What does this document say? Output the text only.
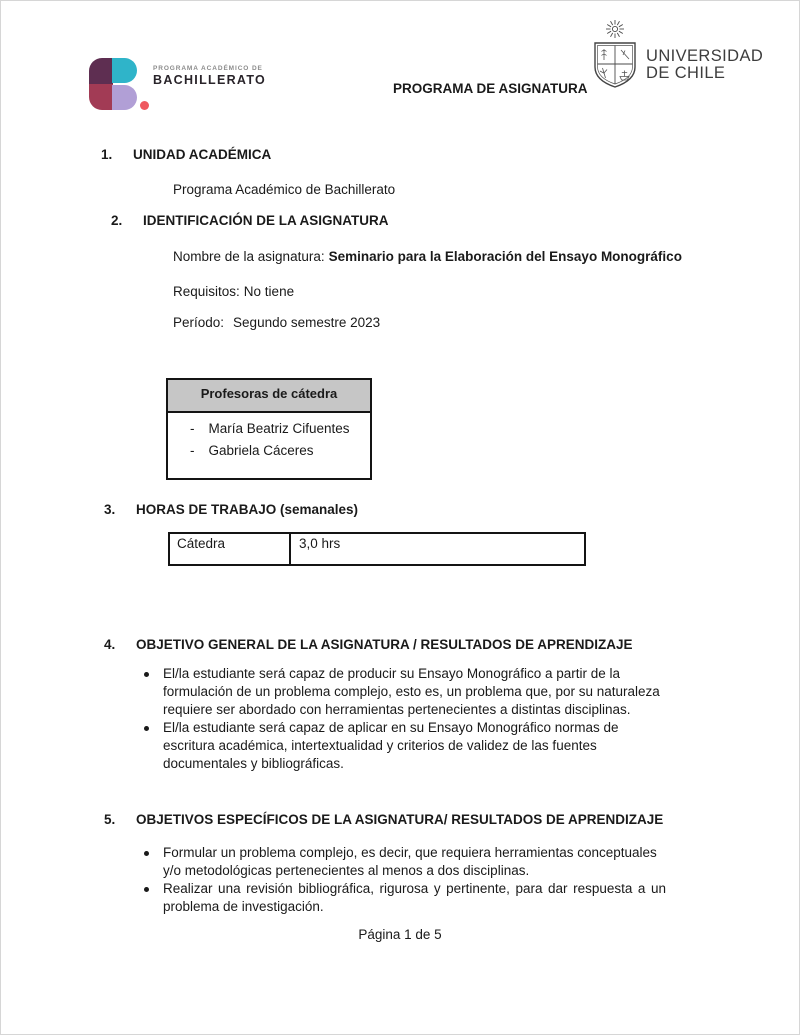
PROGRAMA ACADÉMICO DE
BACHILLERATO
PROGRAMA DE ASIGNATURA
UNIVERSIDAD
DE CHILE
1.	UNIDAD ACADÉMICA
Programa Académico de Bachillerato
2.	IDENTIFICACIÓN DE LA ASIGNATURA
Nombre de la asignatura: Seminario para la Elaboración del Ensayo Monográfico
Requisitos: No tiene
Período: Segundo semestre 2023
Profesoras de cátedra
- María Beatriz Cifuentes
- Gabriela Cáceres
3.	HORAS DE TRABAJO (semanales)
Cátedra	3,0 hrs
4.	OBJETIVO GENERAL DE LA ASIGNATURA / RESULTADOS DE APRENDIZAJE
El/la estudiante será capaz de producir su Ensayo Monográfico a partir de la formulación de un problema complejo, esto es, un problema que, por su naturaleza requiere ser abordado con herramientas pertenecientes a distintas disciplinas.
El/la estudiante será capaz de aplicar en su Ensayo Monográfico normas de escritura académica, intertextualidad y criterios de validez de las fuentes documentales y bibliográficas.
5.	OBJETIVOS ESPECÍFICOS DE LA ASIGNATURA/ RESULTADOS DE APRENDIZAJE
Formular un problema complejo, es decir, que requiera herramientas conceptuales y/o metodológicas pertenecientes al menos a dos disciplinas.
Realizar una revisión bibliográfica, rigurosa y pertinente, para dar respuesta a un problema de investigación.
Página 1 de 5
